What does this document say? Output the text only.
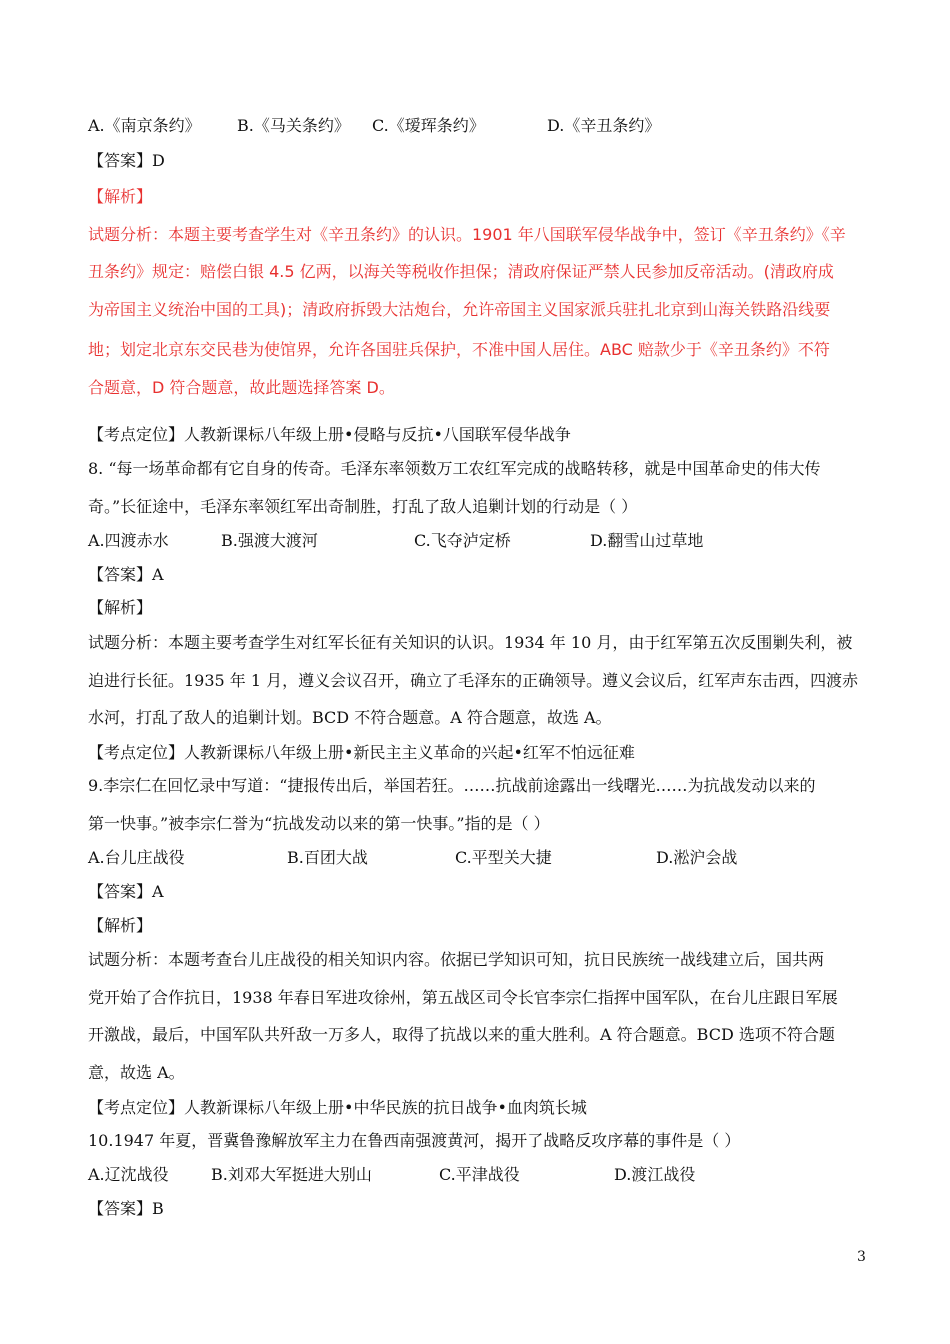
A.《南京条约》 B.《马关条约》 C.《瑷珲条约》	D.《辛丑条约》
【答案】D
【解析】
试题分析：本题主要考查学生对《辛丑条约》的认识。1901 年八国联军侵华战争中，签订《辛丑条约》《辛
丑条约》规定：赔偿白银 4.5 亿两，以海关等税收作担保；清政府保证严禁人民参加反帝活动。(清政府成
为帝国主义统治中国的工具)；清政府拆毁大沽炮台，允许帝国主义国家派兵驻扎北京到山海关铁路沿线要
地；划定北京东交民巷为使馆界，允许各国驻兵保护，不准中国人居住。ABC 赔款少于《辛丑条约》不符
合题意，D 符合题意，故此题选择答案 D。
【考点定位】人教新课标八年级上册•侵略与反抗•八国联军侵华战争
8. “每一场革命都有它自身的传奇。毛泽东率领数万工农红军完成的战略转移，就是中国革命史的伟大传
奇。”长征途中，毛泽东率领红军出奇制胜，打乱了敌人追剿计划的行动是（ ）
A.四渡赤水	B.强渡大渡河	C.飞夺泸定桥	D.翻雪山过草地
【答案】A
【解析】
试题分析：本题主要考查学生对红军长征有关知识的认识。1934 年 10 月，由于红军第五次反围剿失利，被
迫进行长征。1935 年 1 月，遵义会议召开，确立了毛泽东的正确领导。遵义会议后，红军声东击西，四渡赤
水河，打乱了敌人的追剿计划。BCD 不符合题意。A 符合题意，故选 A。
【考点定位】人教新课标八年级上册•新民主主义革命的兴起•红军不怕远征难
9.李宗仁在回忆录中写道：“捷报传出后，举国若狂。……抗战前途露出一线曙光……为抗战发动以来的
第一快事。”被李宗仁誉为“抗战发动以来的第一快事。”指的是（ ）
A.台儿庄战役	B.百团大战	C.平型关大捷	D.淞沪会战
【答案】A
【解析】
试题分析：本题考查台儿庄战役的相关知识内容。依据已学知识可知，抗日民族统一战线建立后，国共两
党开始了合作抗日，1938 年春日军进攻徐州，第五战区司令长官李宗仁指挥中国军队，在台儿庄跟日军展
开激战，最后，中国军队共歼敌一万多人，取得了抗战以来的重大胜利。A 符合题意。BCD 选项不符合题
意，故选 A。
【考点定位】人教新课标八年级上册•中华民族的抗日战争•血肉筑长城
10.1947 年夏，晋冀鲁豫解放军主力在鲁西南强渡黄河，揭开了战略反攻序幕的事件是（ ）
A.辽沈战役	B.刘邓大军挺进大别山	C.平津战役	D.渡江战役
【答案】B
3
